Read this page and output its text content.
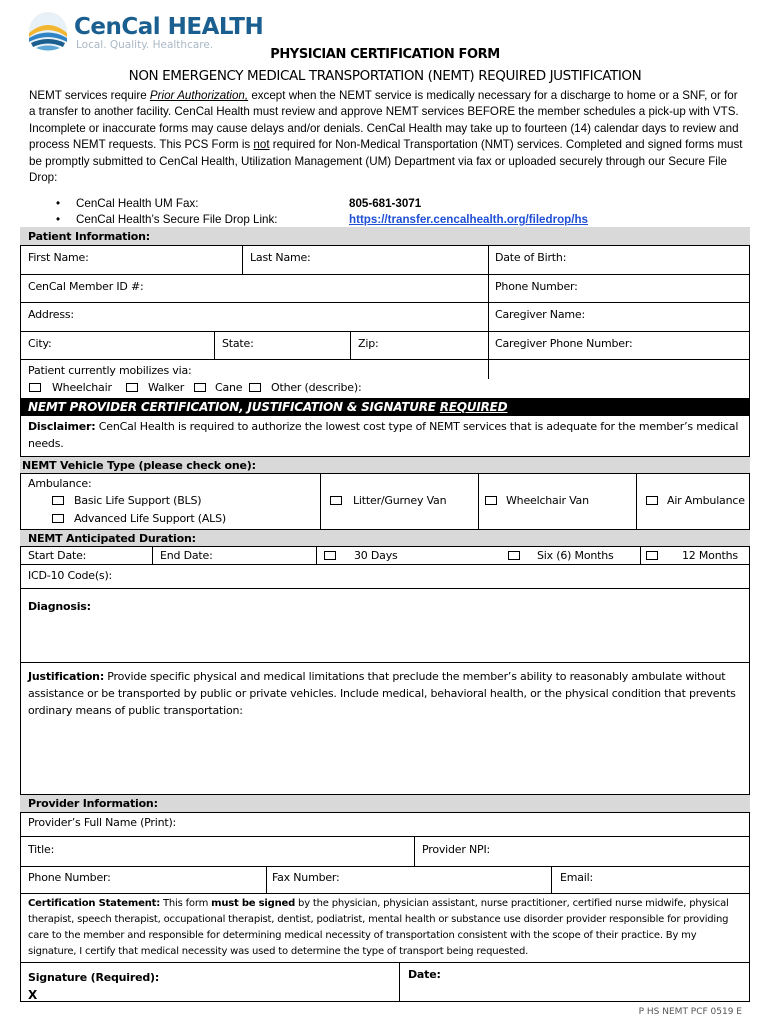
CenCal HEALTH
Local. Quality. Healthcare.
PHYSICIAN CERTIFICATION FORM
NON EMERGENCY MEDICAL TRANSPORTATION (NEMT) REQUIRED JUSTIFICATION
NEMT services require Prior Authorization, except when the NEMT service is medically necessary for a discharge to home or a SNF, or for a transfer to another facility. CenCal Health must review and approve NEMT services BEFORE the member schedules a pick-up with VTS. Incomplete or inaccurate forms may cause delays and/or denials. CenCal Health may take up to fourteen (14) calendar days to review and process NEMT requests. This PCS Form is not required for Non-Medical Transportation (NMT) services. Completed and signed forms must be promptly submitted to CenCal Health, Utilization Management (UM) Department via fax or uploaded securely through our Secure File Drop:
• CenCal Health UM Fax:	805-681-3071
• CenCal Health’s Secure File Drop Link:	https://transfer.cencalhealth.org/filedrop/hs
Patient Information:
First Name:	Last Name:	Date of Birth:
CenCal Member ID #:	Phone Number:
Address:	Caregiver Name:
City:	State:	Zip:	Caregiver Phone Number:
Patient currently mobilizes via:
Wheelchair	Walker	Cane	Other (describe):
NEMT PROVIDER CERTIFICATION, JUSTIFICATION & SIGNATURE REQUIRED
Disclaimer: CenCal Health is required to authorize the lowest cost type of NEMT services that is adequate for the member’s medical needs.
NEMT Vehicle Type (please check one):
Ambulance:
Basic Life Support (BLS)
Advanced Life Support (ALS)
Litter/Gurney Van	Wheelchair Van	Air Ambulance
NEMT Anticipated Duration:
Start Date:	End Date:	30 Days	Six (6) Months	12 Months
ICD-10 Code(s):
Diagnosis:
Justification: Provide specific physical and medical limitations that preclude the member’s ability to reasonably ambulate without assistance or be transported by public or private vehicles. Include medical, behavioral health, or the physical condition that prevents ordinary means of public transportation:
Provider Information:
Provider’s Full Name (Print):
Title:	Provider NPI:
Phone Number:	Fax Number:	Email:
Certification Statement: This form must be signed by the physician, physician assistant, nurse practitioner, certified nurse midwife, physical therapist, speech therapist, occupational therapist, dentist, podiatrist, mental health or substance use disorder provider responsible for providing care to the member and responsible for determining medical necessity of transportation consistent with the scope of their practice. By my signature, I certify that medical necessity was used to determine the type of transport being requested.
Signature (Required):
X
Date:
P HS NEMT PCF 0519 E
